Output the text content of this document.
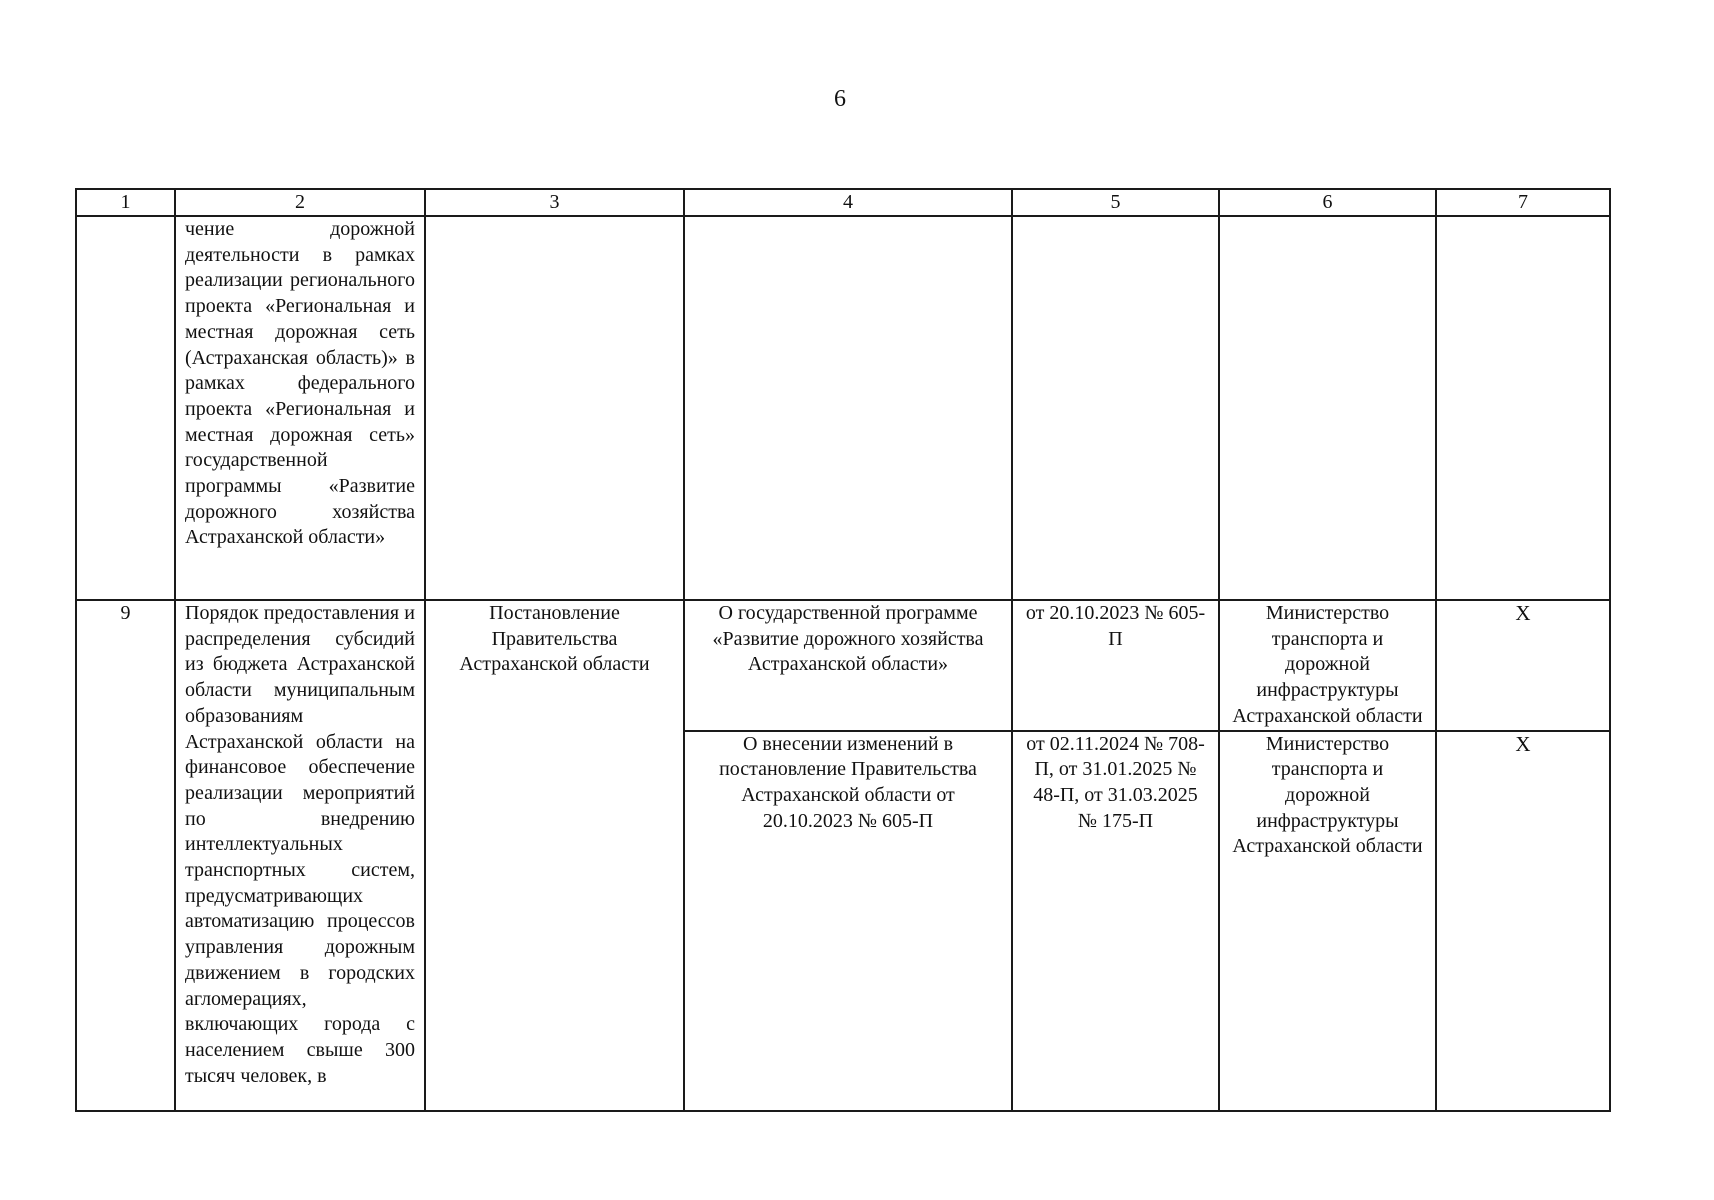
6
1	2	3	4	5	6	7
	чение дорожной деятельности в рамках реализации регионального проекта «Региональная и местная дорожная сеть (Астраханская область)» в рамках федерального проекта «Региональная и местная дорожная сеть» государственной программы «Развитие дорожного хозяйства Астраханской области»					
9	Порядок предоставления и распределения субсидий из бюджета Астраханской области муниципальным образованиям Астраханской области на финансовое обеспечение реализации мероприятий по внедрению интеллектуальных транспортных систем, предусматривающих автоматизацию процессов управления дорожным движением в городских агломерациях, включающих города с населением свыше 300 тысяч человек, в	Постановление Правительства Астраханской области	О государственной программе «Развитие дорожного хозяйства Астраханской области»	от 20.10.2023 № 605-П	Министерство транспорта и дорожной инфраструктуры Астраханской области	X
			О внесении изменений в постановление Правительства Астраханской области от 20.10.2023 № 605-П	от 02.11.2024 № 708-П, от 31.01.2025 № 48-П, от 31.03.2025 № 175-П	Министерство транспорта и дорожной инфраструктуры Астраханской области	X
